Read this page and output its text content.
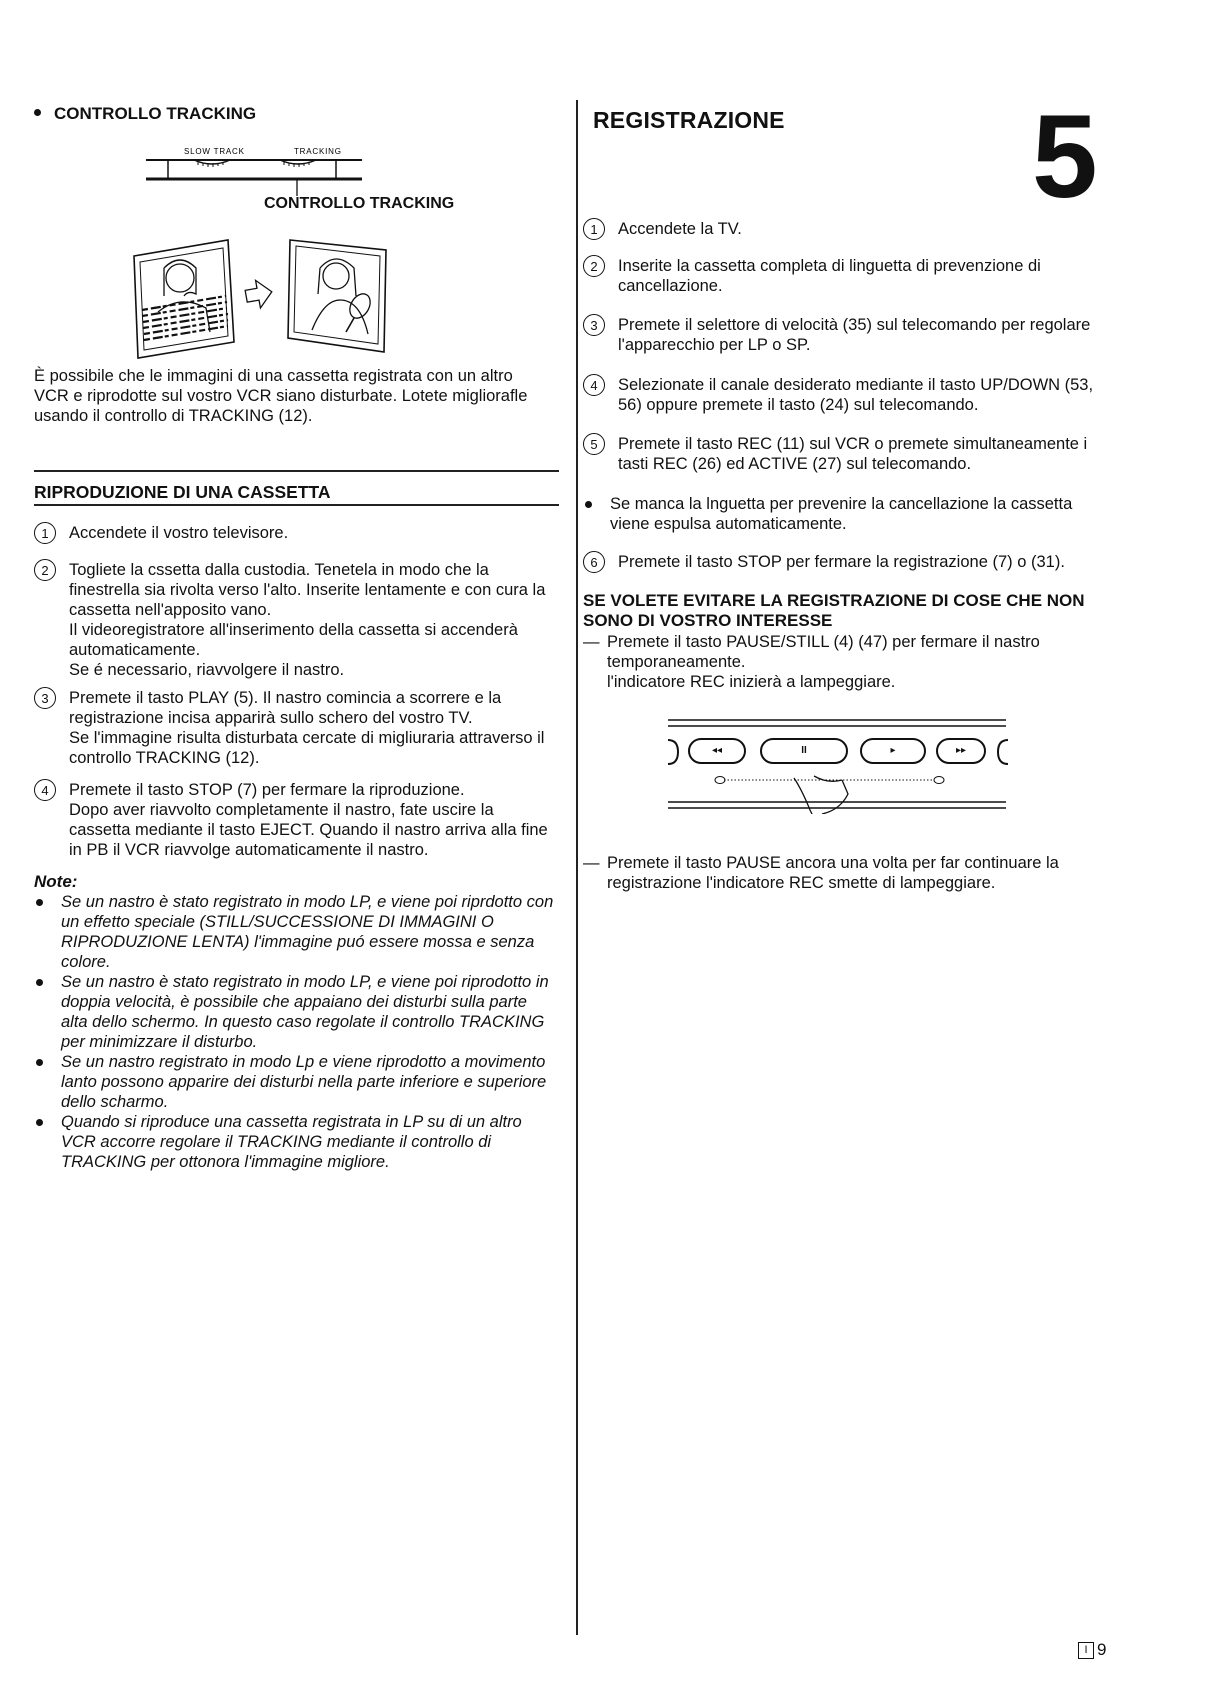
CONTROLLO TRACKING
SLOW TRACK	TRACKING
CONTROLLO TRACKING
È possibile che le immagini di una cassetta registrata con un altro VCR e riprodotte sul vostro VCR siano disturbate. Lotete migliorafle usando il controllo di TRACKING (12).
RIPRODUZIONE DI UNA CASSETTA
1	Accendete il vostro televisore.
2	Togliete la cssetta dalla custodia. Tenetela in modo che la finestrella sia rivolta verso l'alto. Inserite lentamente e con cura la cassetta nell'apposito vano.
Il videoregistratore all'inserimento della cassetta si accenderà automaticamente.
Se é necessario, riavvolgere il nastro.
3	Premete il tasto PLAY (5). Il nastro comincia a scorrere e la registrazione incisa apparirà sullo schero del vostro TV.
Se l'immagine risulta disturbata cercate di migliuraria attraverso il controllo TRACKING (12).
4	Premete il tasto STOP (7) per fermare la riproduzione.
Dopo aver riavvolto completamente il nastro, fate uscire la cassetta mediante il tasto EJECT. Quando il nastro arriva alla fine in PB il VCR riavvolge automaticamente il nastro.
Note:
Se un nastro è stato registrato in modo LP, e viene poi riprdotto con un effetto speciale (STILL/SUCCESSIONE DI IMMAGINI O RIPRODUZIONE LENTA) l'immagine puó essere mossa e senza colore.
Se un nastro è stato registrato in modo LP, e viene poi riprodotto in doppia velocità, è possibile che appaiano dei disturbi sulla parte alta dello schermo. In questo caso regolate il controllo TRACKING per minimizzare il disturbo.
Se un nastro registrato in modo Lp e viene riprodotto a movimento lanto possono apparire dei disturbi nella parte inferiore e superiore dello scharmo.
Quando si riproduce una cassetta registrata in LP su di un altro VCR accorre regolare il TRACKING mediante il controllo di TRACKING per ottonora l'immagine migliore.
REGISTRAZIONE 5
1	Accendete la TV.
2	Inserite la cassetta completa di linguetta di prevenzione di cancellazione.
3	Premete il selettore di velocità (35) sul telecomando per regolare l'apparecchio per LP o SP.
4	Selezionate il canale desiderato mediante il tasto UP/DOWN (53, 56) oppure premete il tasto (24) sul telecomando.
5	Premete il tasto REC (11) sul VCR o premete simultaneamente i tasti REC (26) ed ACTIVE (27) sul telecomando.
Se manca la lnguetta per prevenire la cancellazione la cassetta viene espulsa automaticamente.
6	Premete il tasto STOP per fermare la registrazione (7) o (31).
SE VOLETE EVITARE LA REGISTRAZIONE DI COSE CHE NON SONO DI VOSTRO INTERESSE
— Premete il tasto PAUSE/STILL (4) (47) per fermare il nastro temporaneamente.
l'indicatore REC inizierà a lampeggiare.
◂◂	II	▸	▸▸
— Premete il tasto PAUSE ancora una volta per far continuare la registrazione l'indicatore REC smette di lampeggiare.
I 9
